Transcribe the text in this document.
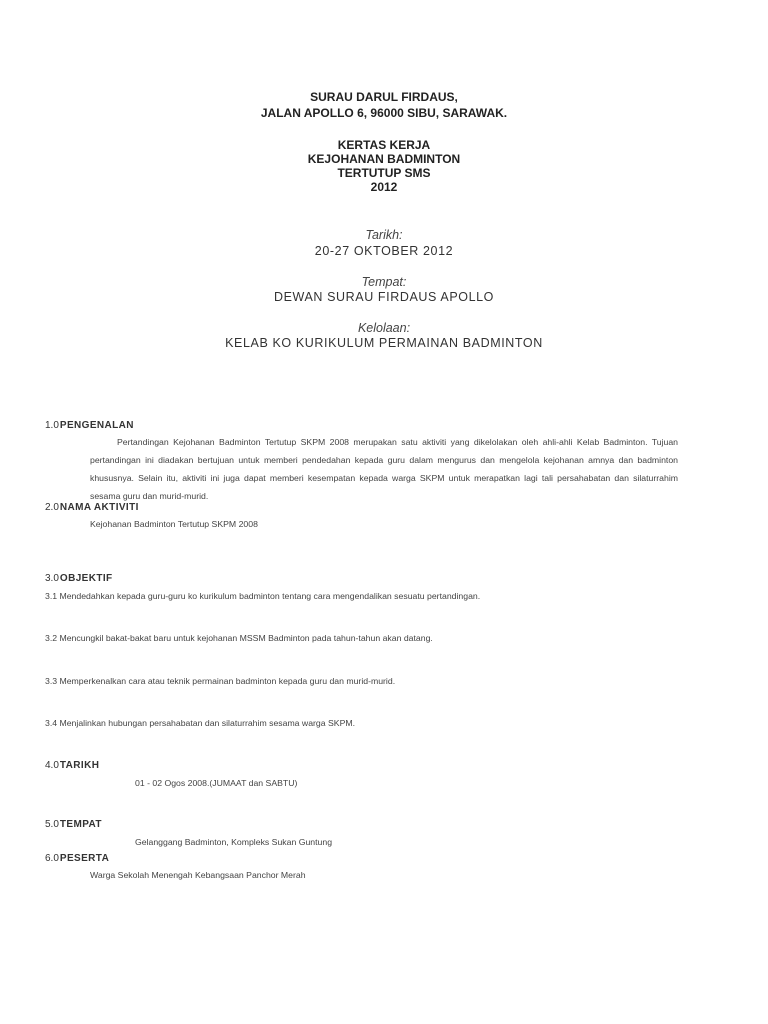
SURAU DARUL FIRDAUS,
JALAN APOLLO 6, 96000 SIBU, SARAWAK.
KERTAS KERJA
KEJOHANAN BADMINTON
TERTUTUP SMS
2012
Tarikh:
20-27 OKTOBER 2012
Tempat:
DEWAN SURAU FIRDAUS APOLLO
Kelolaan:
KELAB KO KURIKULUM PERMAINAN BADMINTON
1.0PENGENALAN

Pertandingan Kejohanan Badminton Tertutup SKPM 2008 merupakan satu aktiviti yang dikelolakan oleh ahli-ahli Kelab Badminton. Tujuan pertandingan ini diadakan bertujuan untuk memberi pendedahan kepada guru dalam mengurus dan mengelola kejohanan amnya dan badminton khususnya. Selain itu, aktiviti ini juga dapat memberi kesempatan kepada warga SKPM untuk merapatkan lagi tali persahabatan dan silaturrahim sesama guru dan murid-murid.

2.0NAMA AKTIVITI
Kejohanan Badminton Tertutup SKPM 2008
3.0OBJEKTIF
3.1 Mendedahkan kepada guru-guru ko kurikulum badminton tentang cara mengendalikan sesuatu pertandingan.
3.2 Mencungkil bakat-bakat baru untuk kejohanan MSSM Badminton pada tahun-tahun akan datang.
3.3 Memperkenalkan cara atau teknik permainan badminton kepada guru dan murid-murid.
3.4 Menjalinkan hubungan persahabatan dan silaturrahim sesama warga SKPM.
4.0TARIKH
01 - 02 Ogos 2008.(JUMAAT dan SABTU)
5.0TEMPAT
Gelanggang Badminton, Kompleks Sukan Guntung
6.0PESERTA
Warga Sekolah Menengah Kebangsaan Panchor Merah
